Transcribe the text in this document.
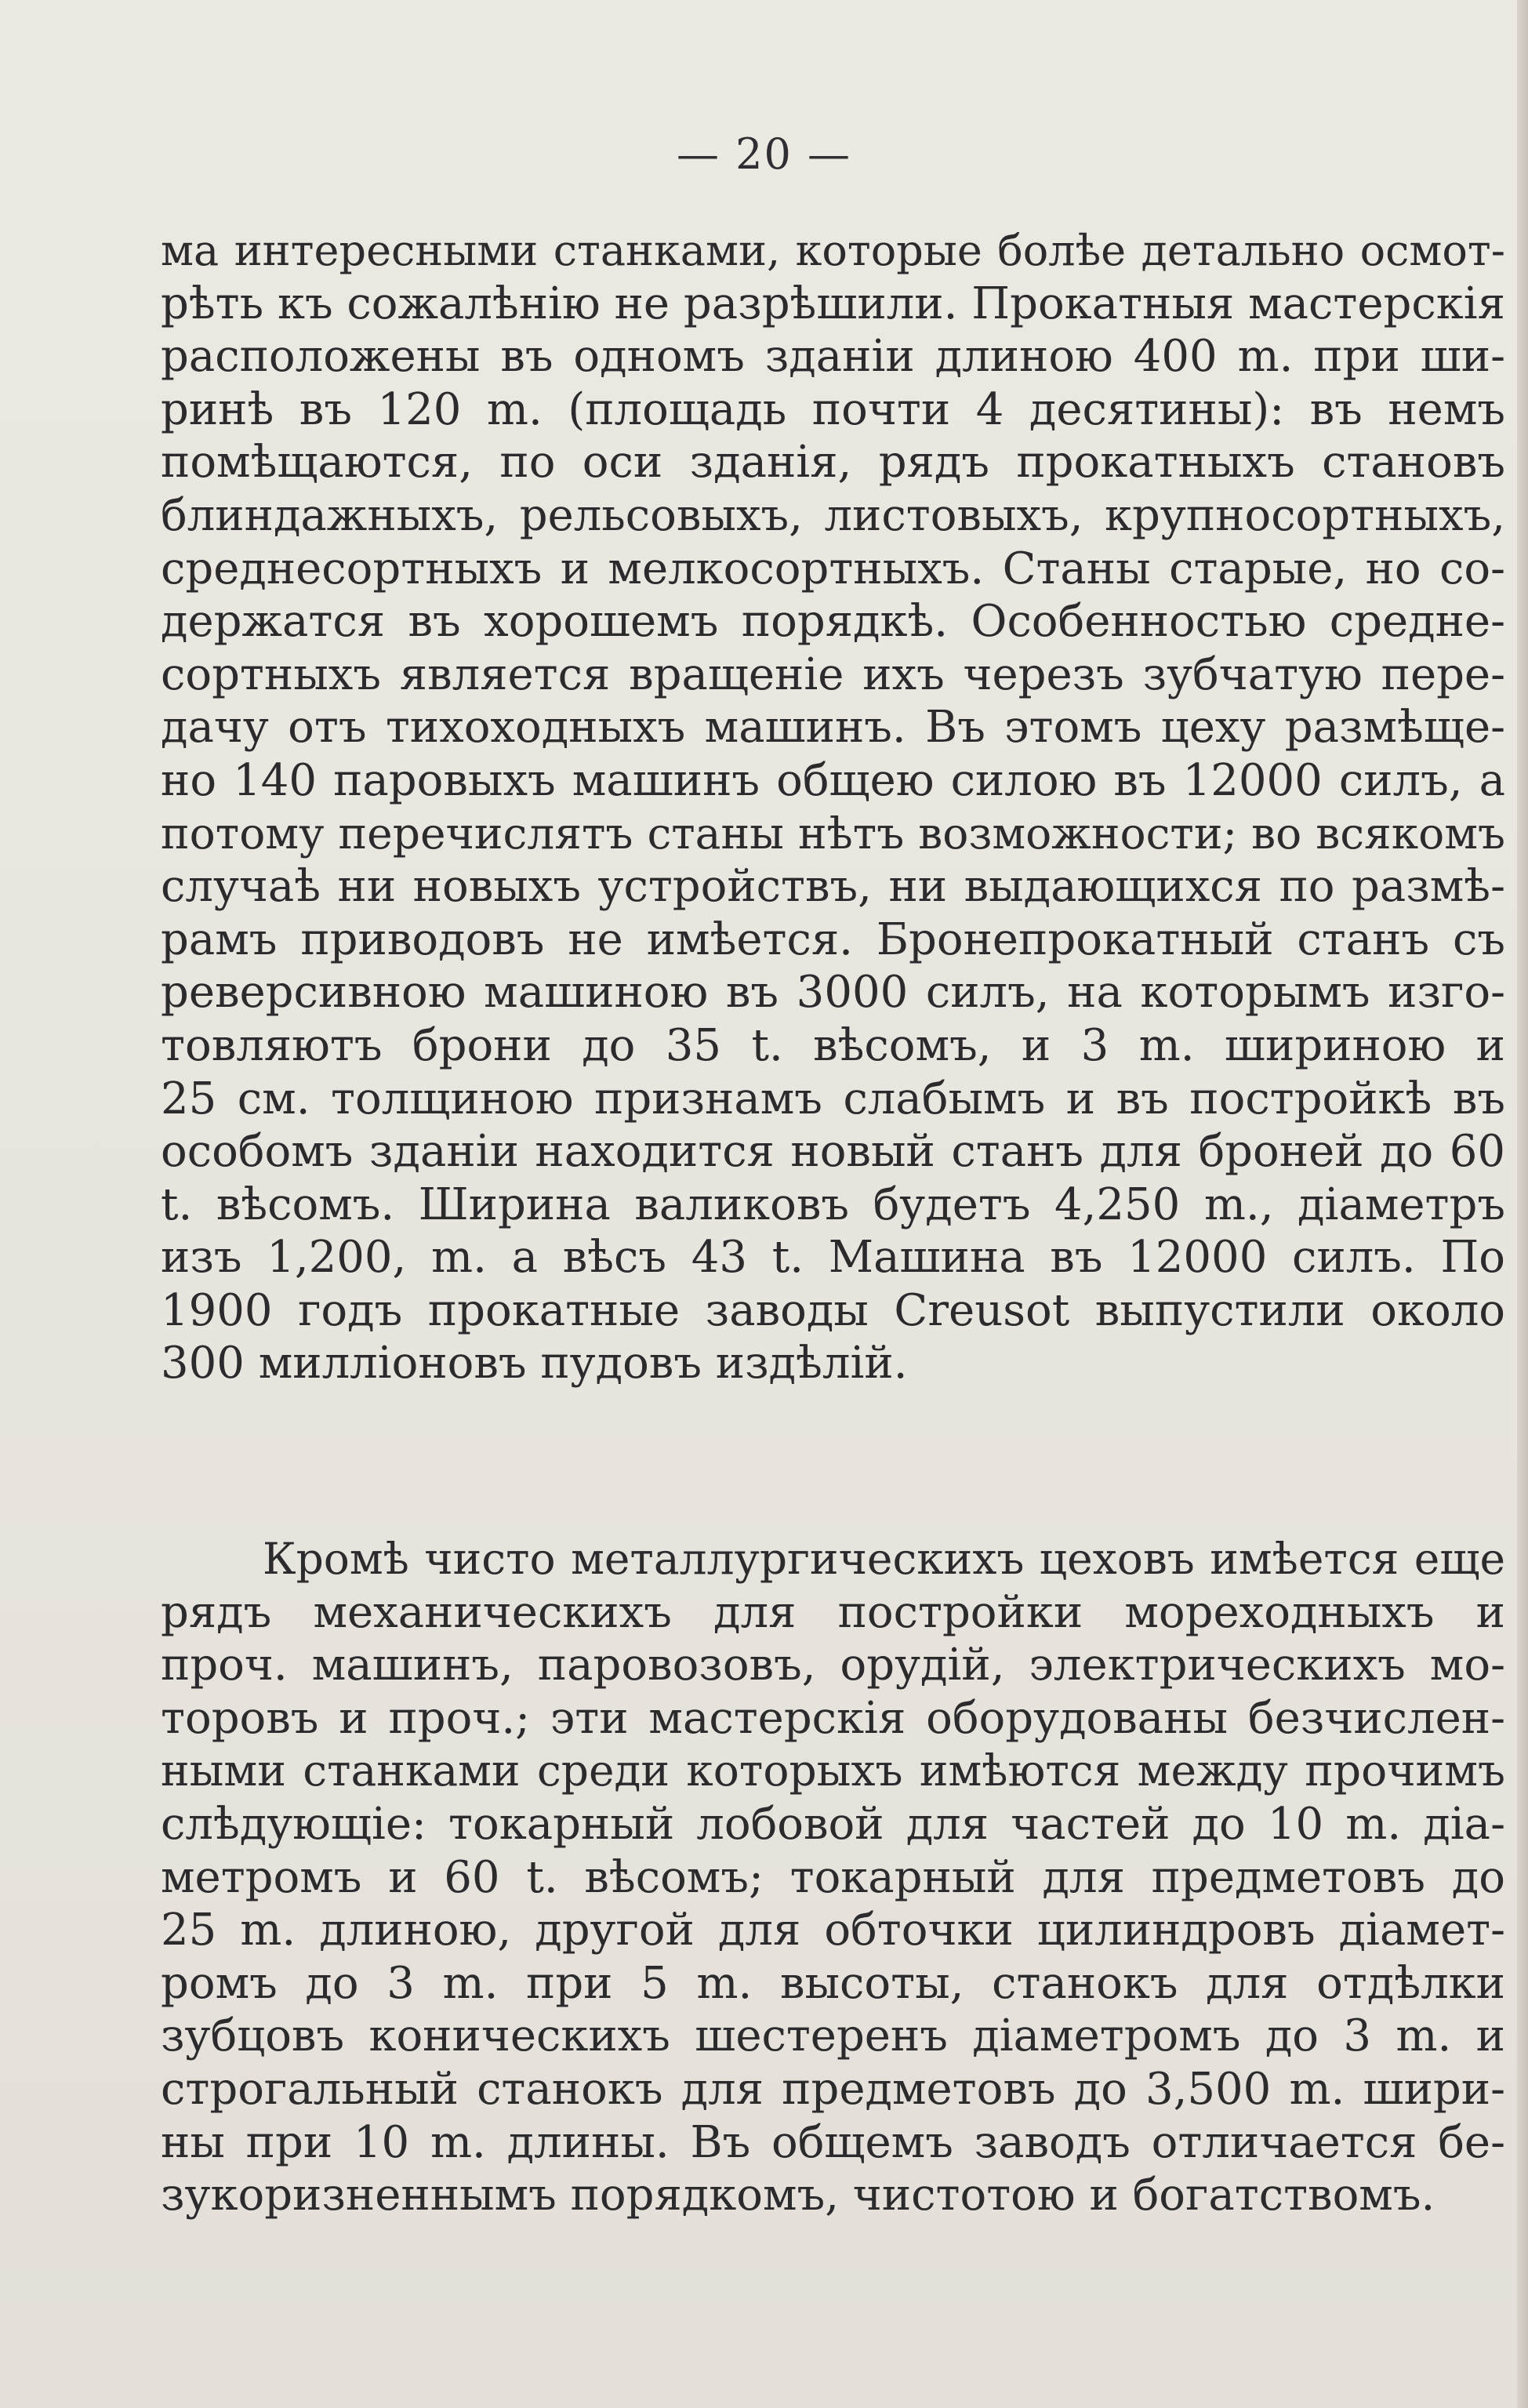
— 20 —
ма интересными станками, которые болѣе детально осмот-
рѣть къ сожалѣнію не разрѣшили. Прокатныя мастерскія
расположены въ одномъ зданіи длиною 400 m. при ши-
ринѣ въ 120 m. (площадь почти 4 десятины): въ немъ
помѣщаются, по оси зданія, рядъ прокатныхъ становъ
блиндажныхъ, рельсовыхъ, листовыхъ, крупносортныхъ,
среднесортныхъ и мелкосортныхъ. Станы старые, но со-
держатся въ хорошемъ порядкѣ. Особенностью средне-
сортныхъ является вращеніе ихъ черезъ зубчатую пере-
дачу отъ тихоходныхъ машинъ. Въ этомъ цеху размѣще-
но 140 паровыхъ машинъ общею силою въ 12000 силъ, а
потому перечислятъ станы нѣтъ возможности; во всякомъ
случаѣ ни новыхъ устройствъ, ни выдающихся по размѣ-
рамъ приводовъ не имѣется. Бронепрокатный станъ съ
реверсивною машиною въ 3000 силъ, на которымъ изго-
товляютъ брони до 35 t. вѣсомъ, и 3 m. шириною и
25 см. толщиною признамъ слабымъ и въ постройкѣ въ
особомъ зданіи находится новый станъ для броней до 60
t. вѣсомъ. Ширина валиковъ будетъ 4,250 m., діаметръ
изъ 1,200, m. а вѣсъ 43 t. Машина въ 12000 силъ. По
1900 годъ прокатные заводы Creusot выпустили около
300 милліоновъ пудовъ издѣлій.
Кромѣ чисто металлургическихъ цеховъ имѣется еще
рядъ механическихъ для постройки мореходныхъ и
проч. машинъ, паровозовъ, орудій, электрическихъ мо-
торовъ и проч.; эти мастерскія оборудованы безчислен-
ными станками среди которыхъ имѣются между прочимъ
слѣдующіе: токарный лобовой для частей до 10 m. діа-
метромъ и 60 t. вѣсомъ; токарный для предметовъ до
25 m. длиною, другой для обточки цилиндровъ діамет-
ромъ до 3 m. при 5 m. высоты, станокъ для отдѣлки
зубцовъ коническихъ шестеренъ діаметромъ до 3 m. и
строгальный станокъ для предметовъ до 3,500 m. шири-
ны при 10 m. длины. Въ общемъ заводъ отличается бе-
зукоризненнымъ порядкомъ, чистотою и богатствомъ.
